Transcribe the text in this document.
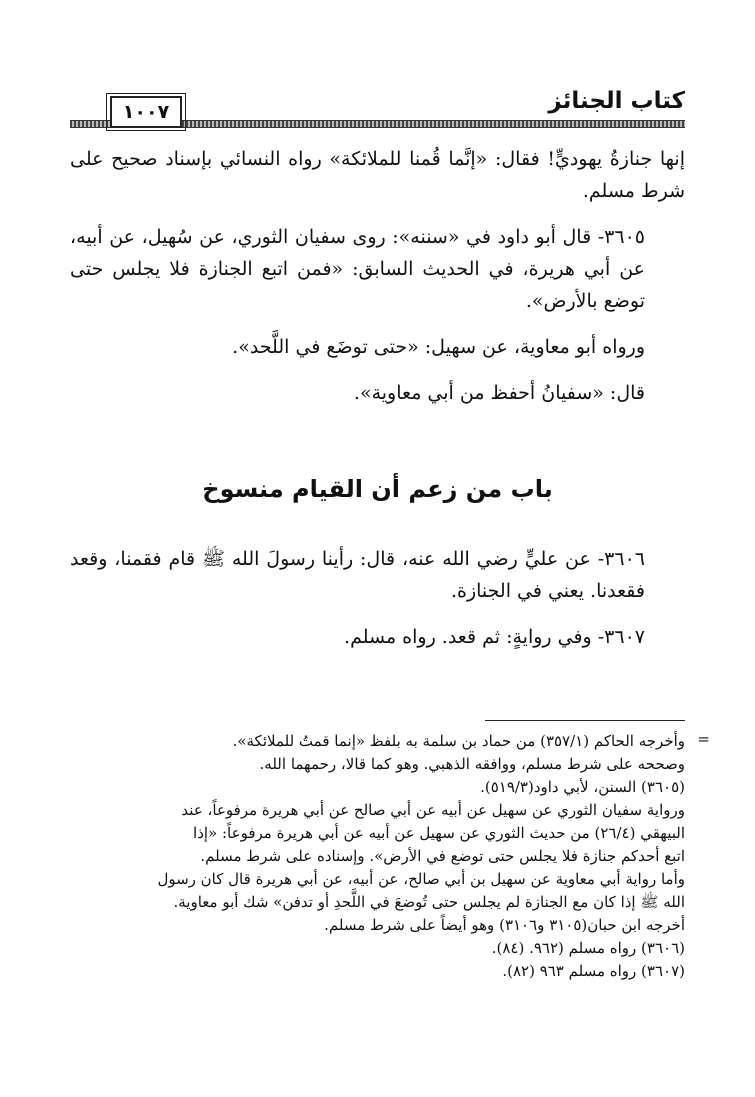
كتاب الجنائز
١٠٠٧

إنها جنازةُ يهوديٍّ! فقال: «إنَّما قُمنا للملائكة» رواه النسائي بإسناد صحيح على شرط مسلم.

٣٦٠٥- قال أبو داود في «سننه»: روى سفيان الثوري، عن سُهيل، عن أبيه، عن أبي هريرة، في الحديث السابق: «فمن اتبع الجنازة فلا يجلس حتى توضع بالأرض».

ورواه أبو معاوية، عن سهيل: «حتى توضَع في اللَّحد».

قال: «سفيانُ أحفظ من أبي معاوية».

باب من زعم أن القيام منسوخ

٣٦٠٦- عن عليٍّ رضي الله عنه، قال: رأينا رسولَ الله ﷺ قام فقمنا، وقعد فقعدنا. يعني في الجنازة.

٣٦٠٧- وفي روايةٍ: ثم قعد. رواه مسلم.

=

وأخرجه الحاكم (٣٥٧/١) من حماد بن سلمة به بلفظ «إنما قمتُ للملائكة».

وصححه على شرط مسلم، ووافقه الذهبي. وهو كما قالا، رحمهما الله.

(٣٦٠٥) السنن، لأبي داود(٥١٩/٣).

ورواية سفيان الثوري عن سهيل عن أبيه عن أبي صالح عن أبي هريرة مرفوعاً، عند

البيهقي (٢٦/٤) من حديث الثوري عن سهيل عن أبيه عن أبي هريرة مرفوعاً: «إذا

اتبع أحدكم جنازة فلا يجلس حتى توضع في الأرض». وإسناده على شرط مسلم.

وأما رواية أبي معاوية عن سهيل بن أبي صالح، عن أبيه، عن أبي هريرة قال كان رسول

الله ﷺ إذا كان مع الجنازة لم يجلس حتى تُوضعَ في اللَّحدِ أو تدفن» شك أبو معاوية.

أخرجه ابن حبان(٣١٠٥ و٣١٠٦) وهو أيضاً على شرط مسلم.

(٣٦٠٦) رواه مسلم (٩٦٢. (٨٤).

(٣٦٠٧) رواه مسلم ٩٦٣ (٨٢).
